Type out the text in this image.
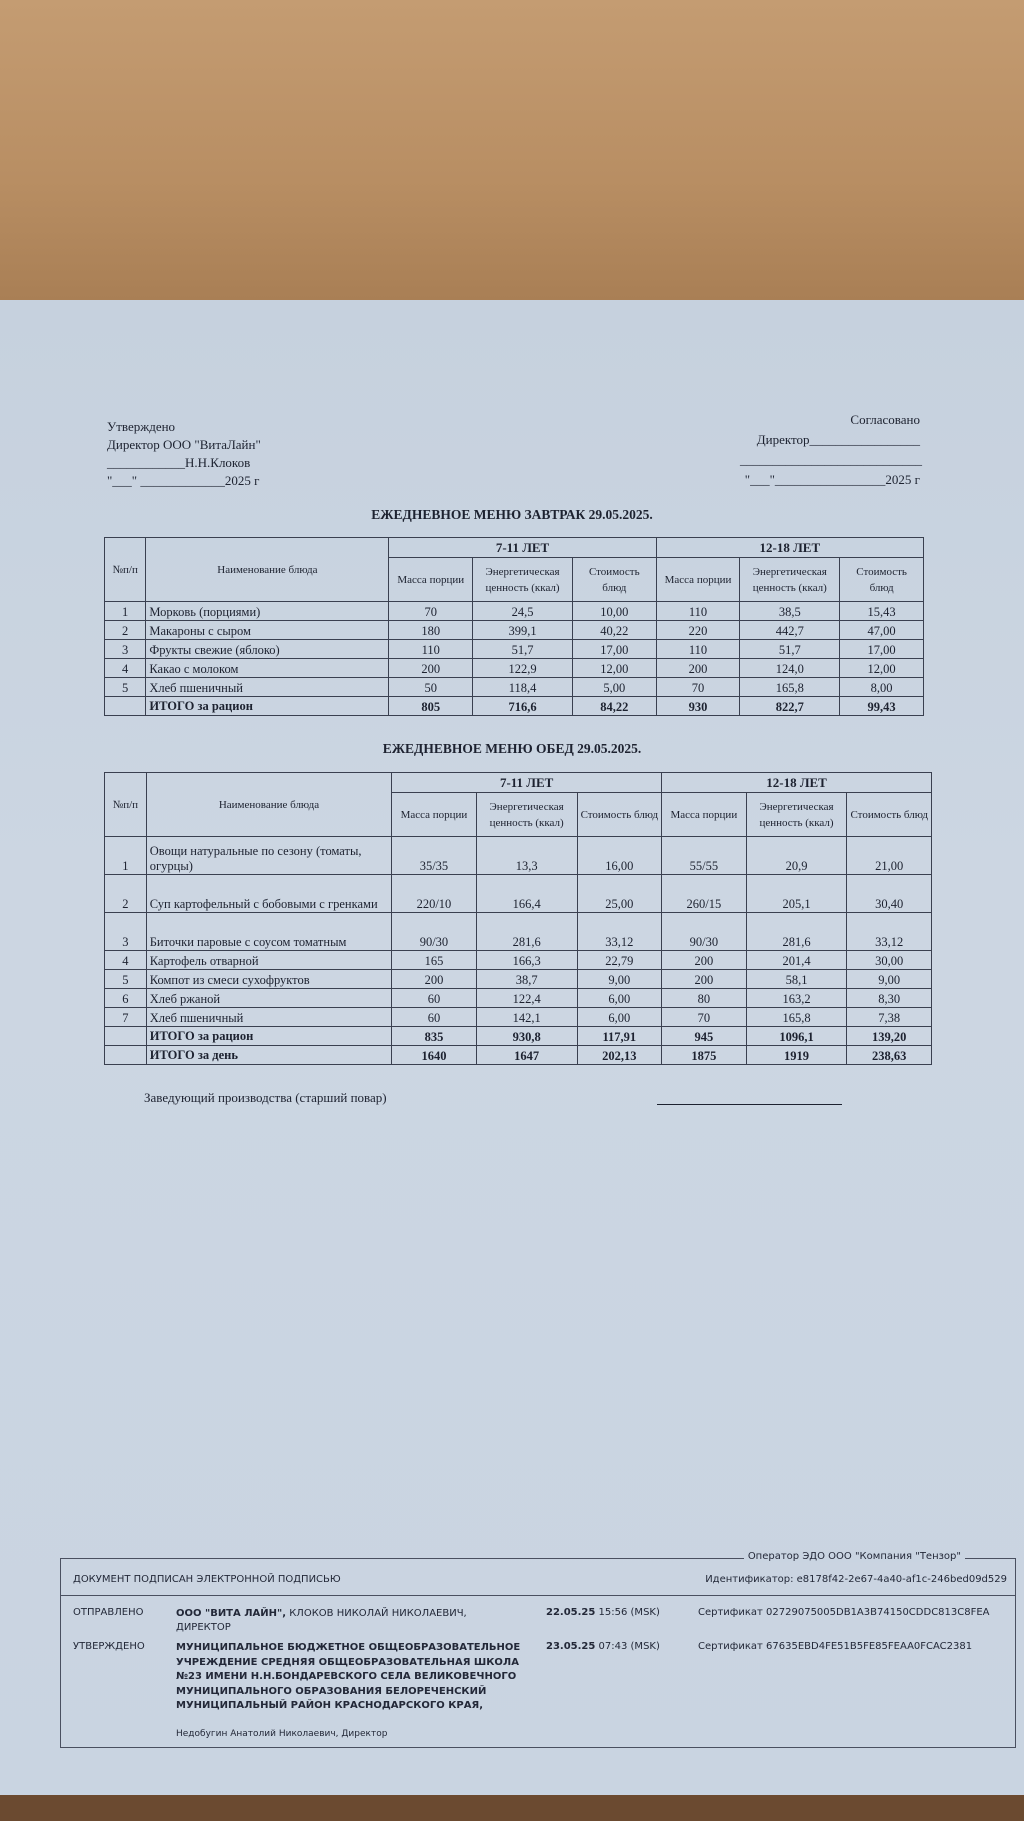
Утверждено
Директор ООО "ВитаЛайн"
____________Н.Н.Клоков
"___" _____________2025 г
Согласовано
Директор_________________
____________________________
"___"_________________2025 г
ЕЖЕДНЕВНОЕ МЕНЮ ЗАВТРАК 29.05.2025.
№п/п	Наименование блюда	7-11 ЛЕТ			12-18 ЛЕТ		
		Масса порции	Энергетическая ценность (ккал)	Стоимость блюд	Масса порции	Энергетическая ценность (ккал)	Стоимость блюд
1	Морковь (порциями)	70	24,5	10,00	110	38,5	15,43
2	Макароны с сыром	180	399,1	40,22	220	442,7	47,00
3	Фрукты свежие (яблоко)	110	51,7	17,00	110	51,7	17,00
4	Какао с молоком	200	122,9	12,00	200	124,0	12,00
5	Хлеб пшеничный	50	118,4	5,00	70	165,8	8,00
	ИТОГО за рацион	805	716,6	84,22	930	822,7	99,43
ЕЖЕДНЕВНОЕ МЕНЮ ОБЕД 29.05.2025.
№п/п	Наименование блюда	7-11 ЛЕТ			12-18 ЛЕТ		
		Масса порции	Энергетическая ценность (ккал)	Стоимость блюд	Масса порции	Энергетическая ценность (ккал)	Стоимость блюд
1	Овощи натуральные по сезону (томаты, огурцы)	35/35	13,3	16,00	55/55	20,9	21,00
2	Суп картофельный с бобовыми с гренками	220/10	166,4	25,00	260/15	205,1	30,40
3	Биточки паровые с соусом томатным	90/30	281,6	33,12	90/30	281,6	33,12
4	Картофель отварной	165	166,3	22,79	200	201,4	30,00
5	Компот из смеси сухофруктов	200	38,7	9,00	200	58,1	9,00
6	Хлеб ржаной	60	122,4	6,00	80	163,2	8,30
7	Хлеб пшеничный	60	142,1	6,00	70	165,8	7,38
	ИТОГО за рацион	835	930,8	117,91	945	1096,1	139,20
	ИТОГО за день	1640	1647	202,13	1875	1919	238,63
Заведующий производства (старший повар)
Оператор ЭДО ООО "Компания "Тензор"
ДОКУМЕНТ ПОДПИСАН ЭЛЕКТРОННОЙ ПОДПИСЬЮ	Идентификатор: e8178f42-2e67-4a40-af1c-246bed09d529
ОТПРАВЛЕНО	ООО "ВИТА ЛАЙН", КЛОКОВ НИКОЛАЙ НИКОЛАЕВИЧ, ДИРЕКТОР
22.05.25 15:56 (MSK)	Сертификат 02729075005DB1A3B74150CDDC813C8FEA
УТВЕРЖДЕНО	МУНИЦИПАЛЬНОЕ БЮДЖЕТНОЕ ОБЩЕОБРАЗОВАТЕЛЬНОЕ УЧРЕЖДЕНИЕ СРЕДНЯЯ ОБЩЕОБРАЗОВАТЕЛЬНАЯ ШКОЛА №23 ИМЕНИ Н.Н.БОНДАРЕВСКОГО СЕЛА ВЕЛИКОВЕЧНОГО МУНИЦИПАЛЬНОГО ОБРАЗОВАНИЯ БЕЛОРЕЧЕНСКИЙ МУНИЦИПАЛЬНЫЙ РАЙОН КРАСНОДАРСКОГО КРАЯ,
Недобугин Анатолий Николаевич, Директор
23.05.25 07:43 (MSK)	Сертификат 67635EBD4FE51B5FE85FEAA0FCAC2381
